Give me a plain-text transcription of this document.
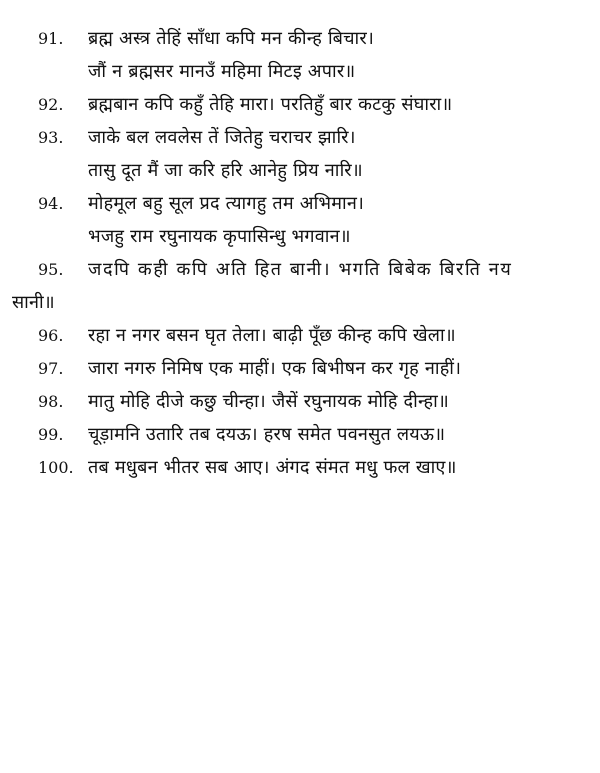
91.	ब्रह्म अस्त्र तेहिं साँधा कपि मन कीन्ह बिचार।
जौं न ब्रह्मसर मानउँ महिमा मिटइ अपार॥
92.	ब्रह्मबान कपि कहुँ तेहि मारा। परतिहुँ बार कटकु संघारा॥
93.	जाके बल लवलेस तें जितेहु चराचर झारि।
तासु दूत मैं जा करि हरि आनेहु प्रिय नारि॥
94.	मोहमूल बहु सूल प्रद त्यागहु तम अभिमान।
भजहु राम रघुनायक कृपासिन्धु भगवान॥
95.	जदपि कही कपि अति हित बानी। भगति बिबेक बिरति नय
सानी॥
96.	रहा न नगर बसन घृत तेला। बाढ़ी पूँछ कीन्ह कपि खेला॥
97.	जारा नगरु निमिष एक माहीं। एक बिभीषन कर गृह नाहीं।
98.	मातु मोहि दीजे कछु चीन्हा। जैसें रघुनायक मोहि दीन्हा॥
99.	चूड़ामनि उतारि तब दयऊ। हरष समेत पवनसुत लयऊ॥
100. तब मधुबन भीतर सब आए। अंगद संमत मधु फल खाए॥
